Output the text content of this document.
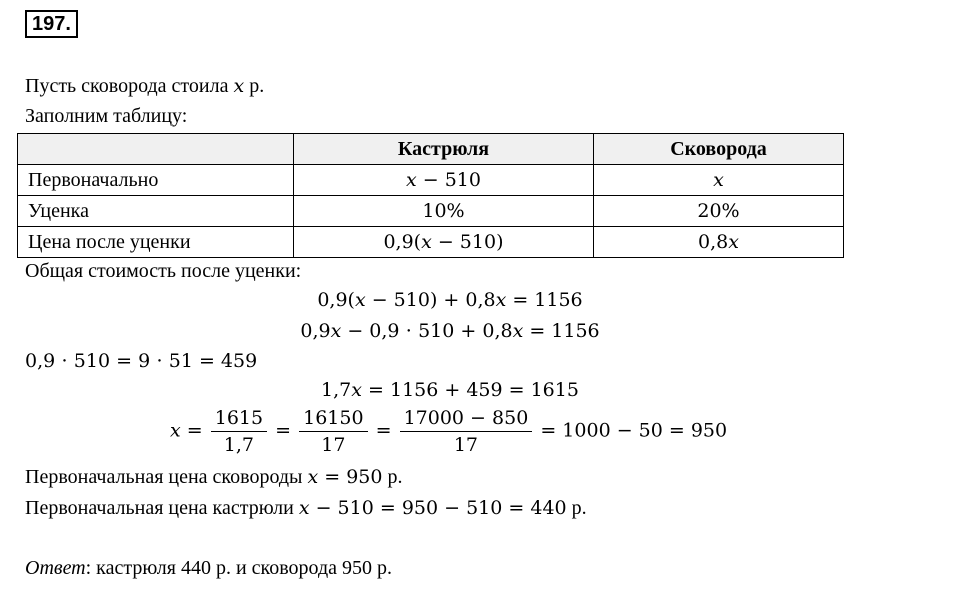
197.
Пусть сковорода стоила 𝑥 р.
Заполним таблицу:
	Кастрюля	Сковорода
Первоначально	𝑥 − 510	𝑥
Уценка	10%	20%
Цена после уценки	0,9(𝑥 − 510)	0,8𝑥
Общая стоимость после уценки:
0,9(𝑥 − 510) + 0,8𝑥 = 1156
0,9𝑥 − 0,9 ⋅ 510 + 0,8𝑥 = 1156
0,9 ⋅ 510 = 9 ⋅ 51 = 459
1,7𝑥 = 1156 + 459 = 1615
𝑥 = $\frac{1615}{1,7} = \frac{16150}{17} = \frac{17000 - 850}{17} = 1000 - 50 = 950$
Первоначальная цена сковороды 𝑥 = 950 р.
Первоначальная цена кастрюли 𝑥 − 510 = 950 − 510 = 440 р.
Ответ: кастрюля 440 р. и сковорода 950 р.
